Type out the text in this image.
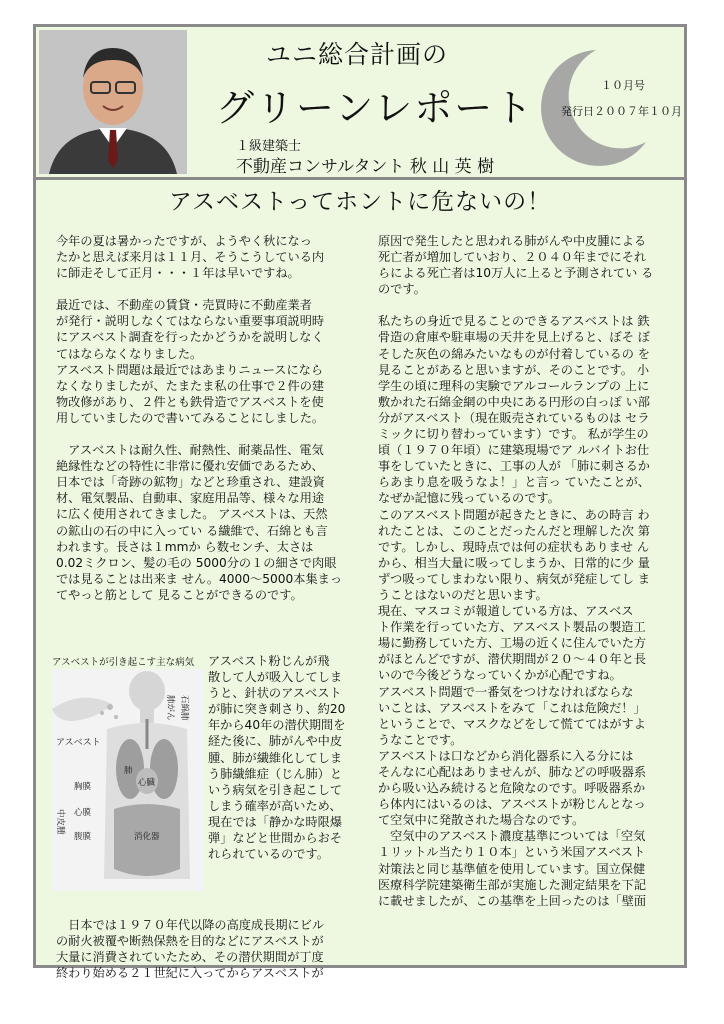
ユニ総合計画の
グリーンレポート
１級建築士
不動産コンサルタント 秋 山 英 樹
１０月号
発行日２００７年１０月
アスベストってホントに危ないの！

今年の夏は暑かったですが、ようやく秋になっ
たかと思えば来月は１１月、そうこうしている内
に師走そして正月・・・１年は早いですね。

最近では、不動産の賃貸・売買時に不動産業者
が発行・説明しなくてはならない重要事項説明時
にアスベスト調査を行ったかどうかを説明しなく
てはならなくなりました。
アスベスト問題は最近ではあまりニュースになら
なくなりましたが、たまたま私の仕事で２件の建
物改修があり、２件とも鉄骨造でアスベストを使
用していましたので書いてみることにしました。

　アスベストは耐久性、耐熱性、耐薬品性、電気
絶縁性などの特性に非常に優れ安価であるため、
日本では「奇跡の鉱物」などと珍重され、建設資
材、電気製品、自動車、家庭用品等、様々な用途
に広く使用されてきました。 アスベストは、天然
の鉱山の石の中に入ってい る繊維で、石綿とも言
われます。長さは１mmか ら数センチ、太さは
0.02ミクロン、髪の毛の 5000分の１の細さで肉眼
では見ることは出来ま せん。4000～5000本集まっ
てやっと筋として 見ることができるのです。

アスベストが引き起こす主な病気
アスベスト
肺がん 石綿肺
中皮腫
胸膜
心膜
腹膜
肺
心臓
消化器
アスベスト粉じんが飛
散して人が吸入してしま
うと、針状のアスベスト
が肺に突き刺さり、約20
年から40年の潜伏期間を
経た後に、肺がんや中皮
腫、肺が繊維化してしま
う肺繊維症（じん肺）と
いう病気を引き起こして
しまう確率が高いため、
現在では「静かな時限爆
弾」などと世間からおそ
れられているのです。
　日本では１９７０年代以降の高度成長期にビル
の耐火被覆や断熱保熱を目的などにアスベストが
大量に消費されていたため、その潜伏期間が丁度
終わり始める２１世紀に入ってからアスベストが

原因で発生したと思われる肺がんや中皮腫による
死亡者が増加していおり、２０４０年までにそれ
らによる死亡者は10万人に上ると予測されてい る
のです。

私たちの身近で見ることのできるアスベストは 鉄
骨造の倉庫や駐車場の天井を見上げると、ぼそ ぼ
そした灰色の綿みたいなものが付着しているの を
見ることがあると思いますが、そのことです。 小
学生の頃に理科の実験でアルコールランプの 上に
敷かれた石綿金網の中央にある円形の白っぽ い部
分がアスベスト（現在販売されているものは セラ
ミックに切り替わっています）です。 私が学生の
頃（１９７０年頃）に建築現場でア ルバイトお仕
事をしていたときに、工事の人が 「肺に刺さるか
らあまり息を吸うなよ！」と言っ ていたことが、
なぜか記憶に残っているのです。
このアスベスト問題が起きたときに、あの時言 わ
れたことは、このことだったんだと理解した次 第
です。しかし、現時点では何の症状もありませ ん
から、相当大量に吸ってしまうか、日常的に少 量
ずつ吸ってしまわない限り、病気が発症してし ま
うことはないのだと思います。
現在、マスコミが報道している方は、アスベス
ト作業を行っていた方、アスベスト製品の製造工
場に勤務していた方、工場の近くに住んでいた方
がほとんどですが、潜伏期間が２０～４０年と長
いので今後どうなっていくかが心配ですね。
アスベスト問題で一番気をつけなければならな
いことは、アスベストをみて「これは危険だ！」
ということで、マスクなどをして慌ててはがすよ
うなことです。
アスベストは口などから消化器系に入る分には
そんなに心配はありませんが、肺などの呼吸器系
から吸い込み続けると危険なのです。呼吸器系か
ら体内にはいるのは、アスベストが粉じんとなっ
て空気中に発散された場合なのです。
　空気中のアスベスト濃度基準については「空気
１リットル当たり１０本」という米国アスベスト
対策法と同じ基準値を使用しています。国立保健
医療科学院建築衛生部が実施した測定結果を下記
に載せましたが、この基準を上回ったのは「壁面
